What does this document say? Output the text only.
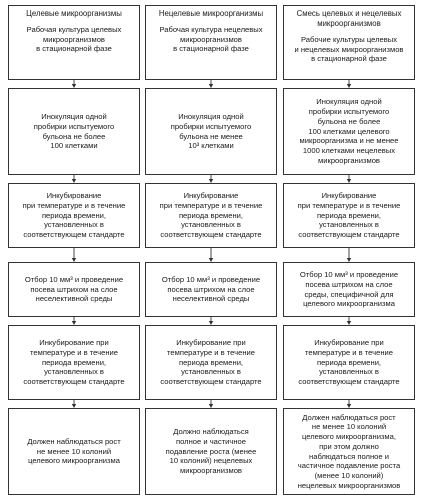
Целевые микроорганизмы
Рабочая культура целевых
микроорганизмов
в стационарной фазе
Инокуляция одной
пробирки испытуемого
бульона не более
100 клетками
Инкубирование
при температуре и в течение
периода времени,
установленных в
соответствующем стандарте
Отбор 10 мм³ и проведение
посева штрихом на слое
неселективной среды
Инкубирование при
температуре и в течение
периода времени,
установленных в
соответствующем стандарте
Должен наблюдаться рост
не менее 10 колоний
целевого микроорганизма
Нецелевые микроорганизмы
Рабочая культура нецелевых
микроорганизмов
в стационарной фазе
Инокуляция одной
пробирки испытуемого
бульона не менее
10³ клетками
Инкубирование
при температуре и в течение
периода времени,
установленных в
соответствующем стандарте
Отбор 10 мм³ и проведение
посева штрихом на слое
неселективной среды
Инкубирование при
температуре и в течение
периода времени,
установленных в
соответствующем стандарте
Должно наблюдаться
полное и частичное
подавление роста (менее
10 колоний) нецелевых
микроорганизмов
Смесь целевых и нецелевых
микроорганизмов
Рабочие культуры целевых
и нецелевых микроорганизмов
в стационарной фазе
Инокуляция одной
пробирки испытуемого
бульона не более
100 клетками целевого
микроорганизма и не менее
1000 клетками нецелевых
микроорганизмов
Инкубирование
при температуре и в течение
периода времени,
установленных в
соответствующем стандарте
Отбор 10 мм³ и проведение
посева штрихом на слое
среды, специфичной для
целевого микроорганизма
Инкубирование при
температуре и в течение
периода времени,
установленных в
соответствующем стандарте
Должен наблюдаться рост
не менее 10 колоний
целевого микроорганизма,
при этом должно
наблюдаться полное и
частичное подавление роста
(менее 10 колоний)
нецелевых микроорганизмов
